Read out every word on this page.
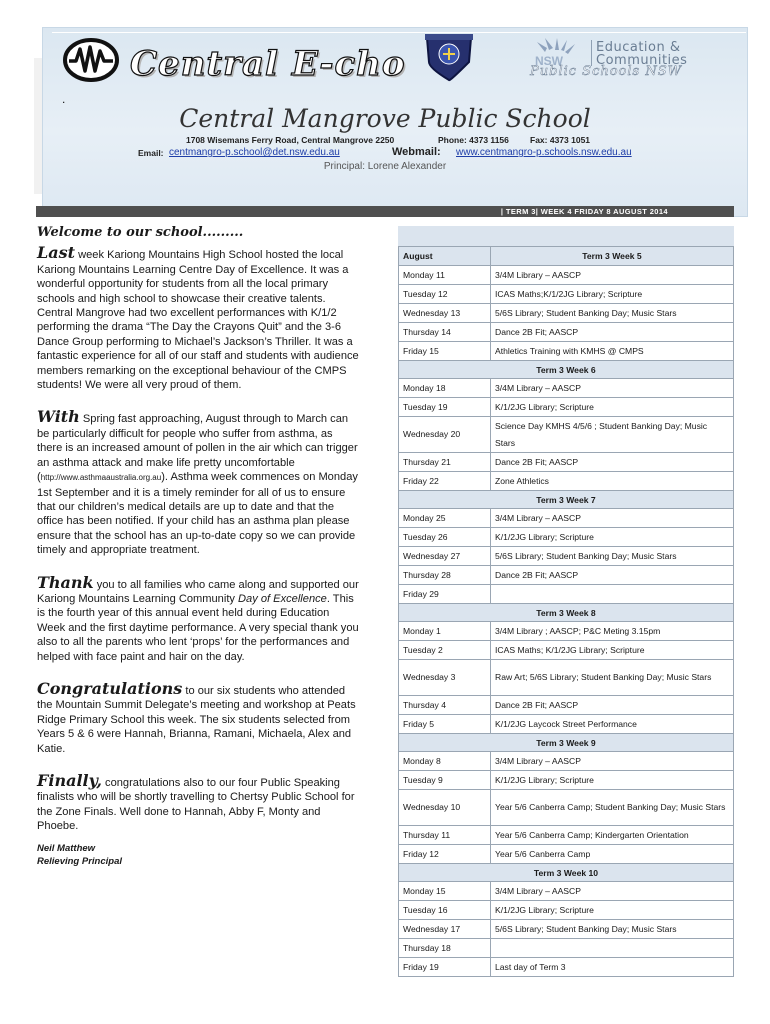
Central E-cho
.
NSW
Education &
Communities
Public Schools NSW
Central Mangrove Public School
1708 Wisemans Ferry Road, Central Mangrove 2250	Phone: 4373 1156 Fax: 4373 1051
Email: centmangro-p.school@det.nsw.edu.au	Webmail: www.centmangro-p.schools.nsw.edu.au
Principal: Lorene Alexander
| TERM 3| WEEK 4 FRIDAY 8 AUGUST 2014
Welcome to our school.........

Last week Kariong Mountains High School hosted the local Kariong Mountains Learning Centre Day of Excellence. It was a wonderful opportunity for students from all the local primary schools and high school to showcase their creative talents. Central Mangrove had two excellent performances with K/1/2 performing the drama “The Day the Crayons Quit” and the 3-6 Dance Group performing to Michael’s Jackson’s Thriller. It was a fantastic experience for all of our staff and students with audience members remarking on the exceptional behaviour of the CMPS students! We were all very proud of them.

With Spring fast approaching, August through to March can be particularly difficult for people who suffer from asthma, as there is an increased amount of pollen in the air which can trigger an asthma attack and make life pretty uncomfortable (http://www.asthmaaustralia.org.au). Asthma week commences on Monday 1st September and it is a timely reminder for all of us to ensure that our children’s medical details are up to date and that the office has been notified. If your child has an asthma plan please ensure that the school has an up-to-date copy so we can provide timely and appropriate treatment.

Thank you to all families who came along and supported our Kariong Mountains Learning Community Day of Excellence. This is the fourth year of this annual event held during Education Week and the first daytime performance. A very special thank you also to all the parents who lent ‘props’ for the performances and helped with face paint and hair on the day.

Congratulations to our six students who attended the Mountain Summit Delegate’s meeting and workshop at Peats Ridge Primary School this week. The six students selected from Years 5 & 6 were Hannah, Brianna, Ramani, Michaela, Alex and Katie.

Finally, congratulations also to our four Public Speaking finalists who will be shortly travelling to Chertsy Public School for the Zone Finals. Well done to Hannah, Abby F, Monty and Phoebe.

Neil Matthew
Relieving Principal
August	Term 3 Week 5
Monday 11	3/4M Library – AASCP
Tuesday 12	ICAS Maths;K/1/2JG Library; Scripture
Wednesday 13	5/6S Library; Student Banking Day; Music Stars
Thursday 14	Dance 2B Fit; AASCP
Friday 15	Athletics Training with KMHS @ CMPS
Term 3 Week 6	
Monday 18	3/4M Library – AASCP
Tuesday 19	K/1/2JG Library; Scripture
Wednesday 20	Science Day KMHS 4/5/6 ; Student Banking Day; Music Stars
Thursday 21	Dance 2B Fit; AASCP
Friday 22	Zone Athletics
Term 3 Week 7	
Monday 25	3/4M Library – AASCP
Tuesday 26	K/1/2JG Library; Scripture
Wednesday 27	5/6S Library; Student Banking Day; Music Stars
Thursday 28	Dance 2B Fit; AASCP
Friday 29	
Term 3 Week 8	
Monday 1	3/4M Library ; AASCP; P&C Meting 3.15pm
Tuesday 2	ICAS Maths; K/1/2JG Library; Scripture
Wednesday 3	Raw Art; 5/6S Library; Student Banking Day; Music Stars
Thursday 4	Dance 2B Fit; AASCP
Friday 5	K/1/2JG Laycock Street Performance
Term 3 Week 9	
Monday 8	3/4M Library – AASCP
Tuesday 9	K/1/2JG Library; Scripture
Wednesday 10	Year 5/6 Canberra Camp; Student Banking Day; Music Stars
Thursday 11	Year 5/6 Canberra Camp; Kindergarten Orientation
Friday 12	Year 5/6 Canberra Camp
Term 3 Week 10	
Monday 15	3/4M Library – AASCP
Tuesday 16	K/1/2JG Library; Scripture
Wednesday 17	5/6S Library; Student Banking Day; Music Stars
Thursday 18	
Friday 19	Last day of Term 3
